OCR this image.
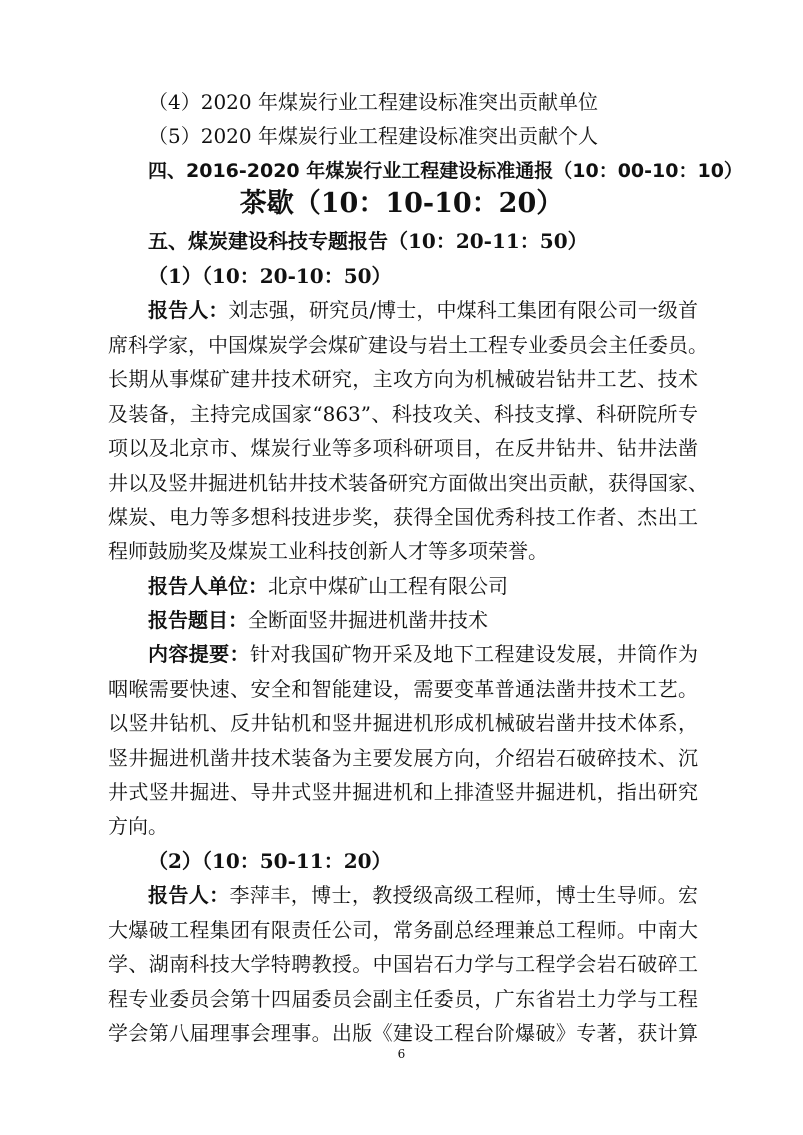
（4）2020 年煤炭行业工程建设标准突出贡献单位
（5）2020 年煤炭行业工程建设标准突出贡献个人
四、2016-2020 年煤炭行业工程建设标准通报（10：00-10：10）
茶歇（10：10-10：20）
五、煤炭建设科技专题报告（10：20-11：50）
（1）（10：20-10：50）
报告人：刘志强，研究员/博士，中煤科工集团有限公司一级首
席科学家，中国煤炭学会煤矿建设与岩土工程专业委员会主任委员。
长期从事煤矿建井技术研究，主攻方向为机械破岩钻井工艺、技术
及装备，主持完成国家“863”、科技攻关、科技支撑、科研院所专
项以及北京市、煤炭行业等多项科研项目，在反井钻井、钻井法凿
井以及竖井掘进机钻井技术装备研究方面做出突出贡献，获得国家、
煤炭、电力等多想科技进步奖，获得全国优秀科技工作者、杰出工
程师鼓励奖及煤炭工业科技创新人才等多项荣誉。
报告人单位：北京中煤矿山工程有限公司
报告题目：全断面竖井掘进机凿井技术
内容提要：针对我国矿物开采及地下工程建设发展，井筒作为
咽喉需要快速、安全和智能建设，需要变革普通法凿井技术工艺。
以竖井钻机、反井钻机和竖井掘进机形成机械破岩凿井技术体系，
竖井掘进机凿井技术装备为主要发展方向，介绍岩石破碎技术、沉
井式竖井掘进、导井式竖井掘进机和上排渣竖井掘进机，指出研究
方向。
（2）（10：50-11：20）
报告人：李萍丰，博士，教授级高级工程师，博士生导师。宏
大爆破工程集团有限责任公司，常务副总经理兼总工程师。中南大
学、湖南科技大学特聘教授。中国岩石力学与工程学会岩石破碎工
程专业委员会第十四届委员会副主任委员，广东省岩土力学与工程
学会第八届理事会理事。出版《建设工程台阶爆破》专著，获计算
6
